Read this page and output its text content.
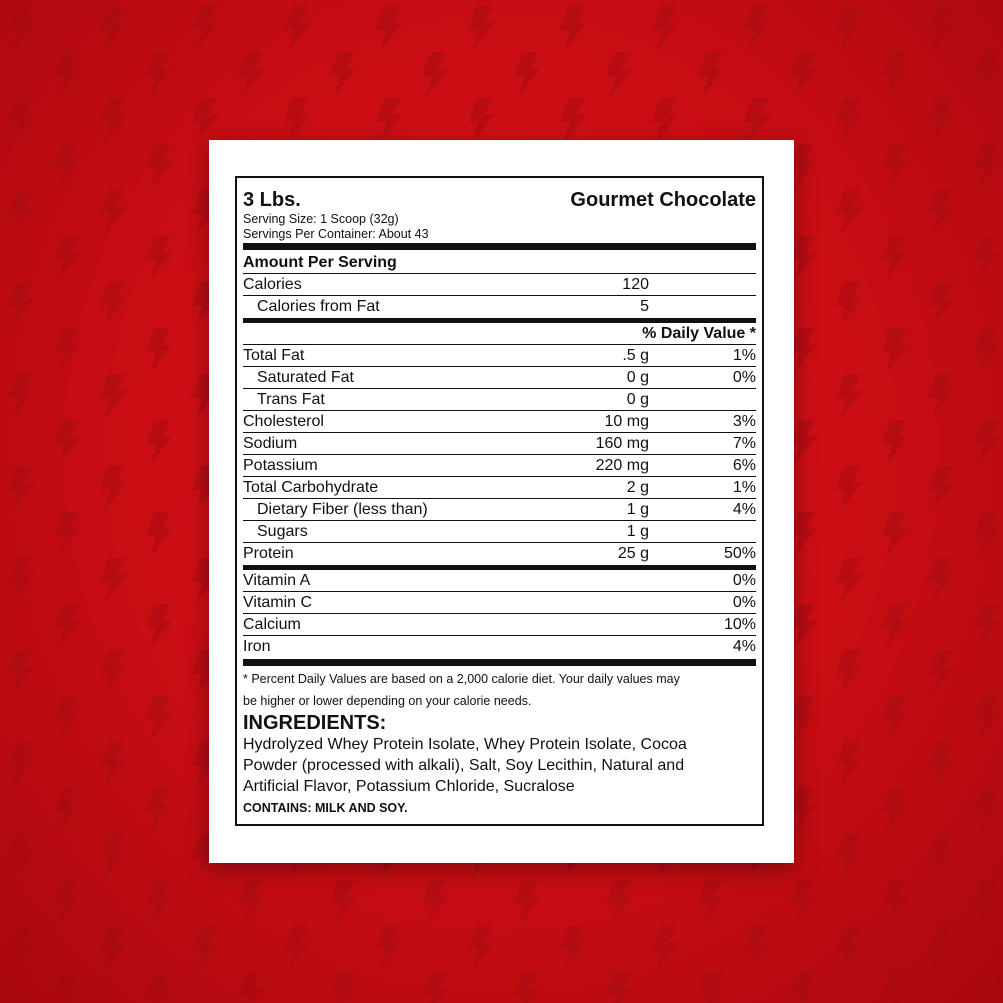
3 Lbs.	Gourmet Chocolate
Serving Size: 1 Scoop (32g)
Servings Per Container: About 43
Amount Per Serving
Calories	120
Calories from Fat	5
% Daily Value *
Total Fat	.5 g	1%
Saturated Fat	0 g	0%
Trans Fat	0 g
Cholesterol	10 mg	3%
Sodium	160 mg	7%
Potassium	220 mg	6%
Total Carbohydrate	2 g	1%
Dietary Fiber (less than)	1 g	4%
Sugars	1 g
Protein	25 g	50%
Vitamin A	0%
Vitamin C	0%
Calcium	10%
Iron	4%
* Percent Daily Values are based on a 2,000 calorie diet. Your daily values may
be higher or lower depending on your calorie needs.
INGREDIENTS:
Hydrolyzed Whey Protein Isolate, Whey Protein Isolate, Cocoa
Powder (processed with alkali), Salt, Soy Lecithin, Natural and
Artificial Flavor, Potassium Chloride, Sucralose
CONTAINS: MILK AND SOY.
